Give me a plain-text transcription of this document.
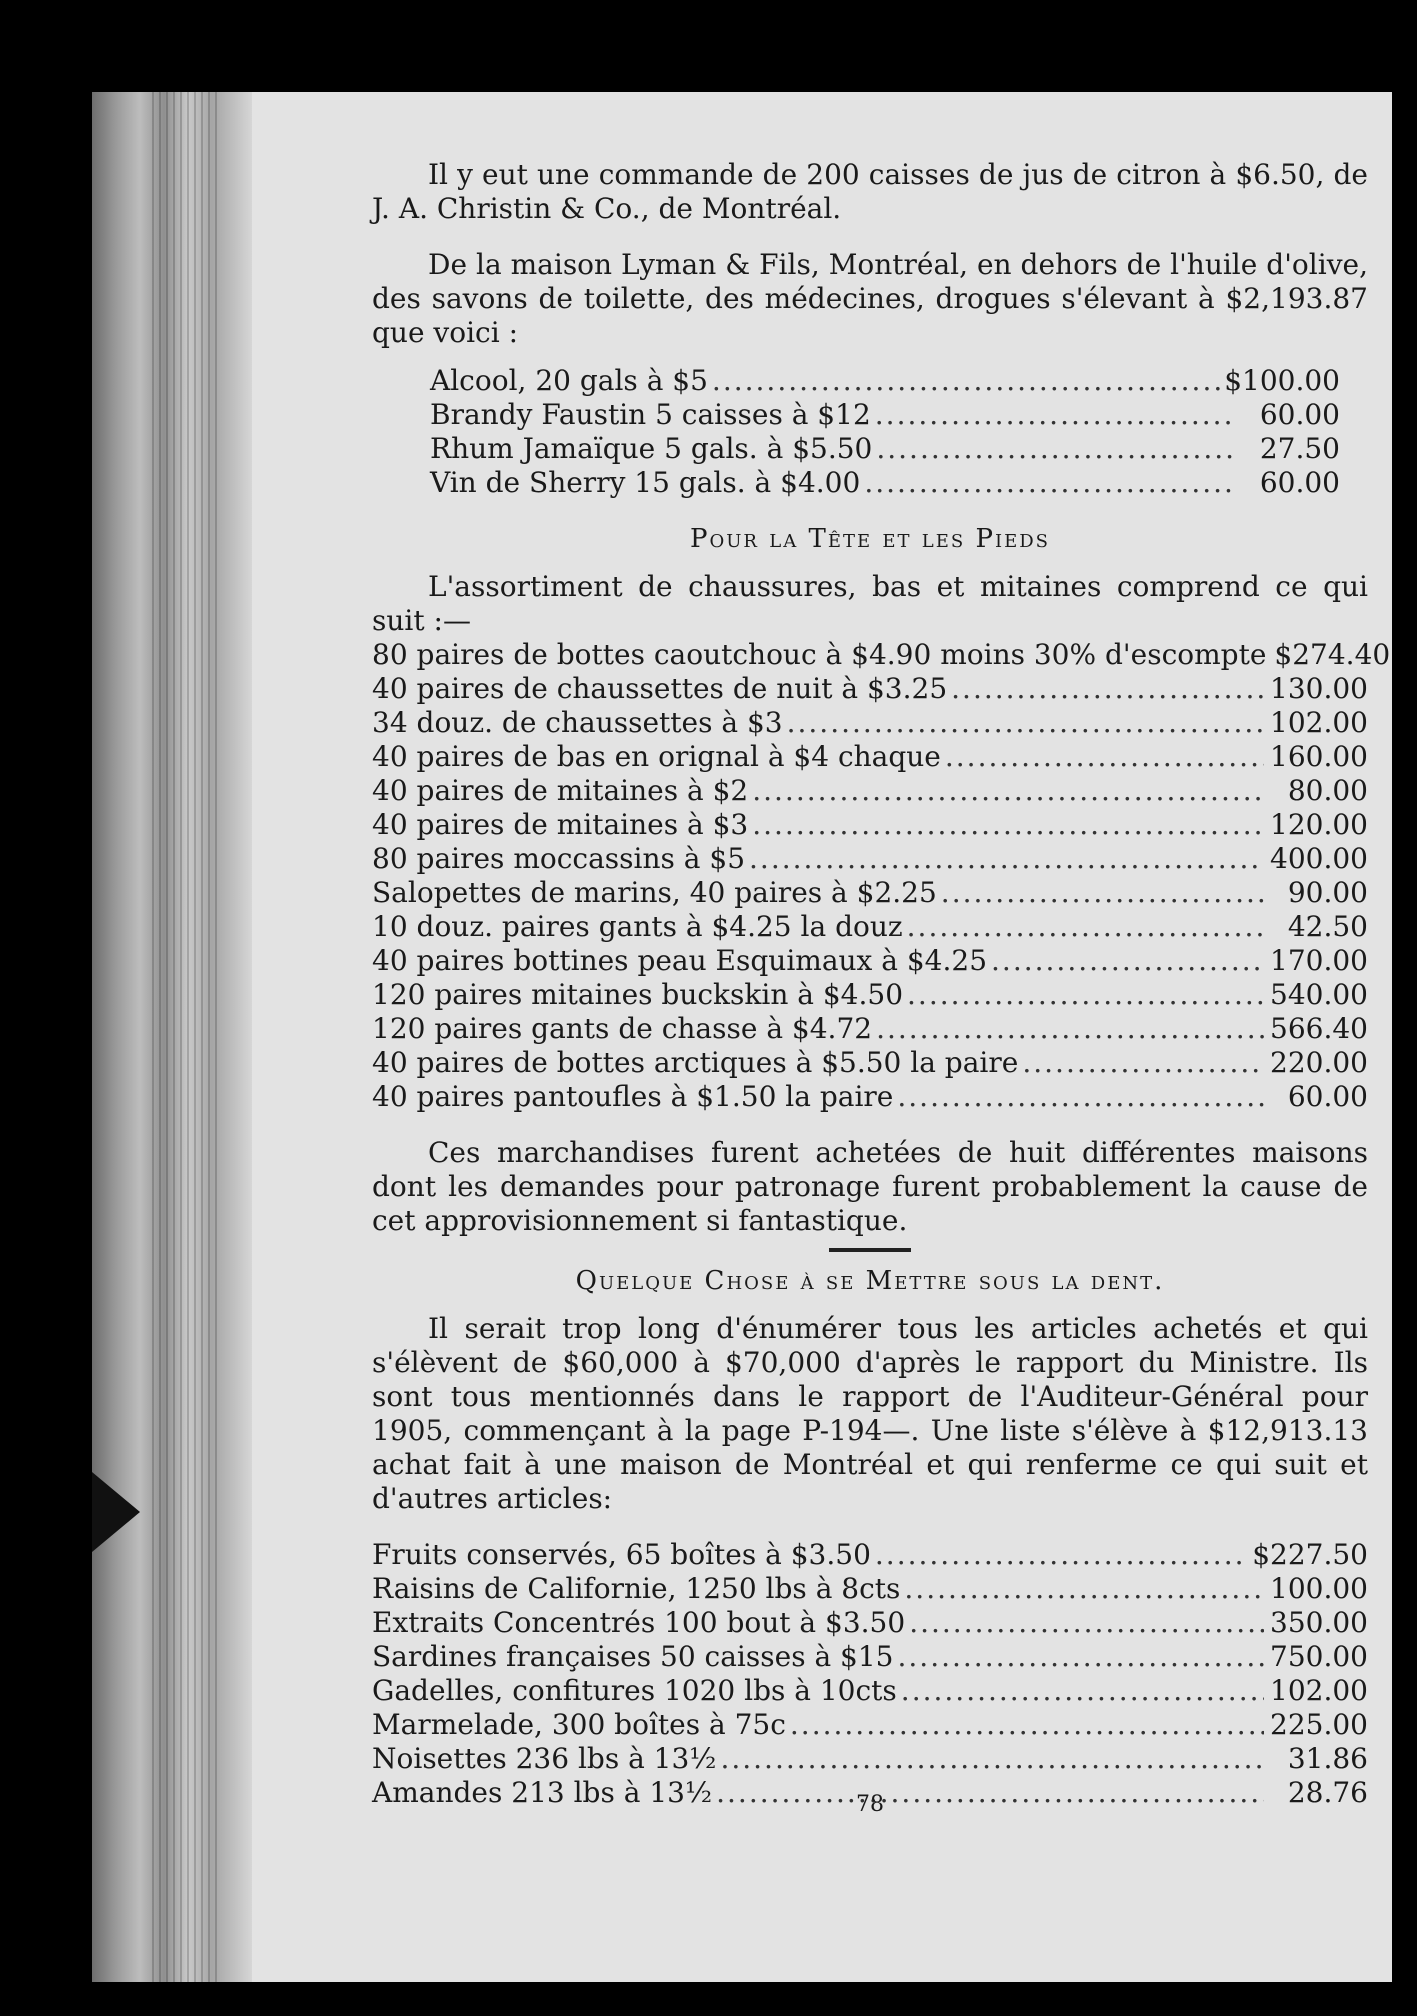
Il y eut une commande de 200 caisses de jus de citron à $6.50, de J. A. Christin & Co., de Montréal.

De la maison Lyman & Fils, Montréal, en dehors de l'huile d'olive, des savons de toilette, des médecines, drogues s'élevant à $2,193.87 que voici :

Alcool, 20 gals à $5 .....	$100.00
Brandy Faustin 5 caisses à $12 .....	60.00
Rhum Jamaïque 5 gals. à $5.50 .....	27.50
Vin de Sherry 15 gals. à $4.00 .....	60.00
Pour la Tête et les Pieds

L'assortiment de chaussures, bas et mitaines comprend ce qui suit :—

80 paires de bottes caoutchouc à $4.90 moins 30% d'escompte $274.40
40 paires de chaussettes de nuit à $3.25 .....	130.00
34 douz. de chaussettes à $3 .....	102.00
40 paires de bas en orignal à $4 chaque .....	160.00
40 paires de mitaines à $2 .....	80.00
40 paires de mitaines à $3 .....	120.00
80 paires moccassins à $5 .....	400.00
Salopettes de marins, 40 paires à $2.25 .....	90.00
10 douz. paires gants à $4.25 la douz .....	42.50
40 paires bottines peau Esquimaux à $4.25 .....	170.00
120 paires mitaines buckskin à $4.50 .....	540.00
120 paires gants de chasse à $4.72 .....	566.40
40 paires de bottes arctiques à $5.50 la paire .....	220.00
40 paires pantoufles à $1.50 la paire .....	60.00

Ces marchandises furent achetées de huit différentes maisons dont les demandes pour patronage furent probablement la cause de cet approvisionnement si fantastique.

Quelque Chose à se Mettre sous la dent.

Il serait trop long d'énumérer tous les articles achetés et qui s'élèvent de $60,000 à $70,000 d'après le rapport du Ministre. Ils sont tous mentionnés dans le rapport de l'Auditeur-Général pour 1905, commençant à la page P-194—. Une liste s'élève à $12,913.13 achat fait à une maison de Montréal et qui renferme ce qui suit et d'autres articles:

Fruits conservés, 65 boîtes à $3.50 .....	$227.50
Raisins de Californie, 1250 lbs à 8cts .....	100.00
Extraits Concentrés 100 bout à $3.50 .....	350.00
Sardines françaises 50 caisses à $15 .....	750.00
Gadelles, confitures 1020 lbs à 10cts .....	102.00
Marmelade, 300 boîtes à 75c .....	225.00
Noisettes 236 lbs à 13½ .....	31.86
Amandes 213 lbs à 13½ .....	28.76
78
